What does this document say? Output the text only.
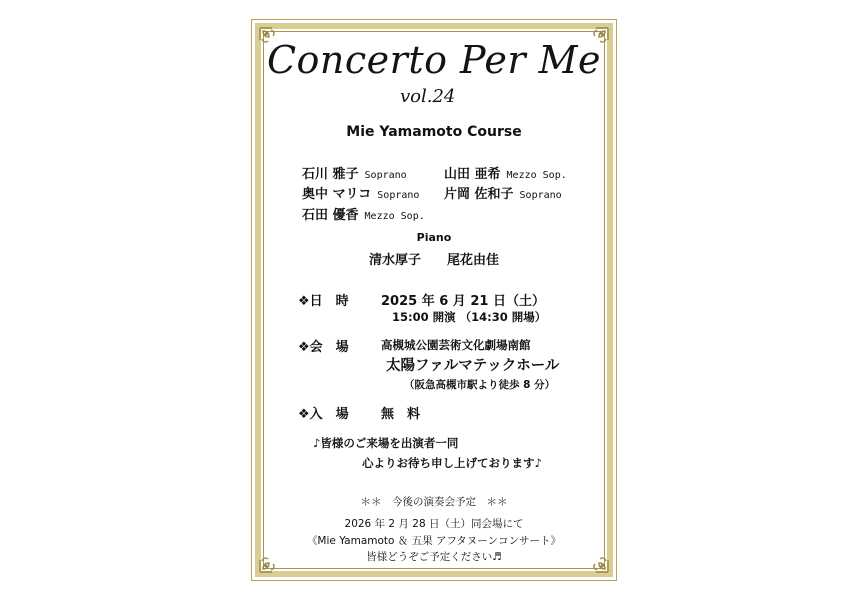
Concerto Per Me
vol.24
Mie Yamamoto Course
石川 雅子 Soprano	山田 亜希 Mezzo Sop.
奥中 マリコ Soprano 片岡 佐和子 Soprano
石田 優香 Mezzo Sop.
Piano
清水厚子 尾花由佳
❖日　時 2025 年 6 月 21 日（土）
15:00 開演 （14:30 開場）
❖会　場	高槻城公園芸術文化劇場南館
太陽ファルマテックホール
（阪急高槻市駅より徒歩 8 分）
❖入　場 無　料
♪皆様のご来場を出演者一同
心よりお待ち申し上げております♪
＊＊　今後の演奏会予定　＊＊
2026 年 2 月 28 日（土）同会場にて
《Mie Yamamoto ＆ 五果 アフタヌーンコンサート》
皆様どうぞご予定ください♬
